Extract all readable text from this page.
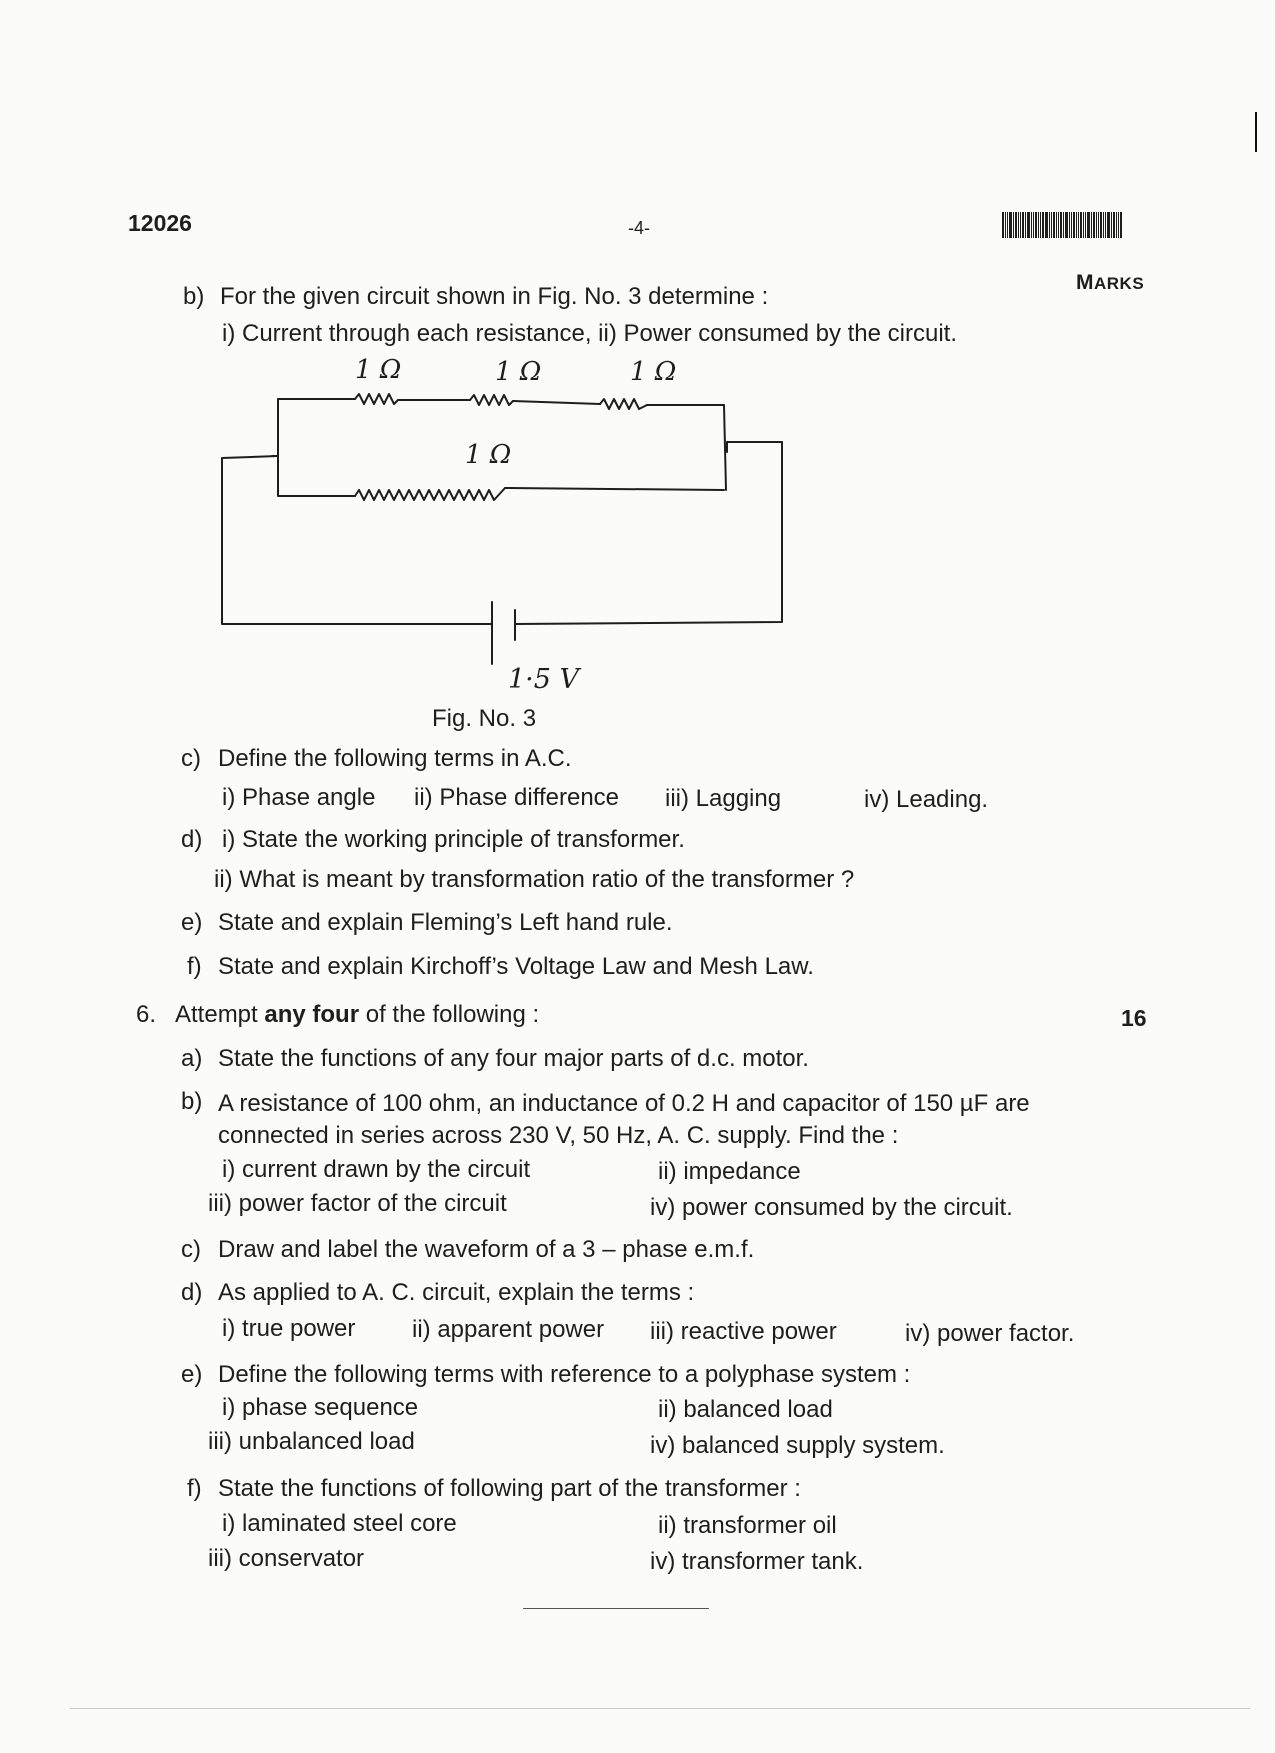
12026	-4-
MARKS
b) For the given circuit shown in Fig. No. 3 determine :
i) Current through each resistance, ii) Power consumed by the circuit.
1 Ω	1 Ω	1 Ω
1 Ω
1·5 V
Fig. No. 3
c) Define the following terms in A.C.
i) Phase angle ii) Phase difference iii) Lagging	iv) Leading.
d) i) State the working principle of transformer.
ii) What is meant by transformation ratio of the transformer ?
e) State and explain Fleming’s Left hand rule.
f) State and explain Kirchoff’s Voltage Law and Mesh Law.
6. Attempt any four of the following :	16
a) State the functions of any four major parts of d.c. motor.
b) A resistance of 100 ohm, an inductance of 0.2 H and capacitor of 150 µF are
connected in series across 230 V, 50 Hz, A. C. supply. Find the :
i) current drawn by the circuit	ii) impedance
iii) power factor of the circuit	iv) power consumed by the circuit.
c) Draw and label the waveform of a 3 – phase e.m.f.
d) As applied to A. C. circuit, explain the terms :
i) true power ii) apparent power iii) reactive power	iv) power factor.
e) Define the following terms with reference to a polyphase system :
i) phase sequence	ii) balanced load
iii) unbalanced load	iv) balanced supply system.
f) State the functions of following part of the transformer :
i) laminated steel core	ii) transformer oil
iii) conservator	iv) transformer tank.
